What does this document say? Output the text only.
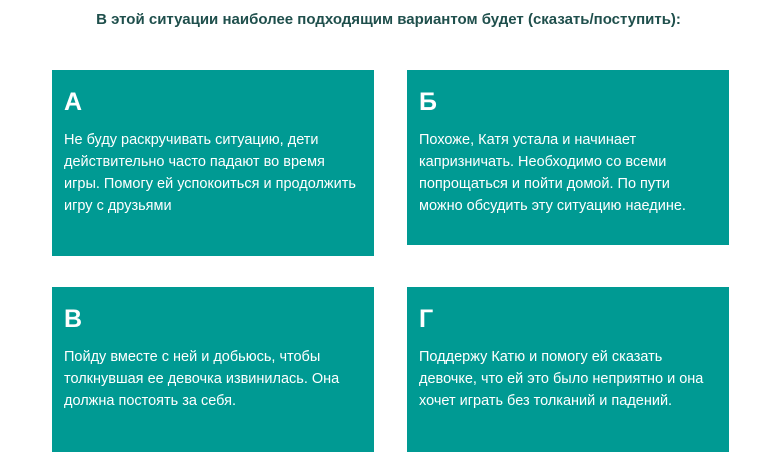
В этой ситуации наиболее подходящим вариантом будет (сказать/поступить):
А
Не буду раскручивать ситуацию, дети действительно часто падают во время игры. Помогу ей успокоиться и продолжить игру с друзьями
Б
Похоже, Катя устала и начинает капризничать. Необходимо со всеми попрощаться и пойти домой. По пути можно обсудить эту ситуацию наедине.
В
Пойду вместе с ней и добьюсь, чтобы толкнувшая ее девочка извинилась. Она должна постоять за себя.
Г
Поддержу Катю и помогу ей сказать девочке, что ей это было неприятно и она хочет играть без толканий и падений.
